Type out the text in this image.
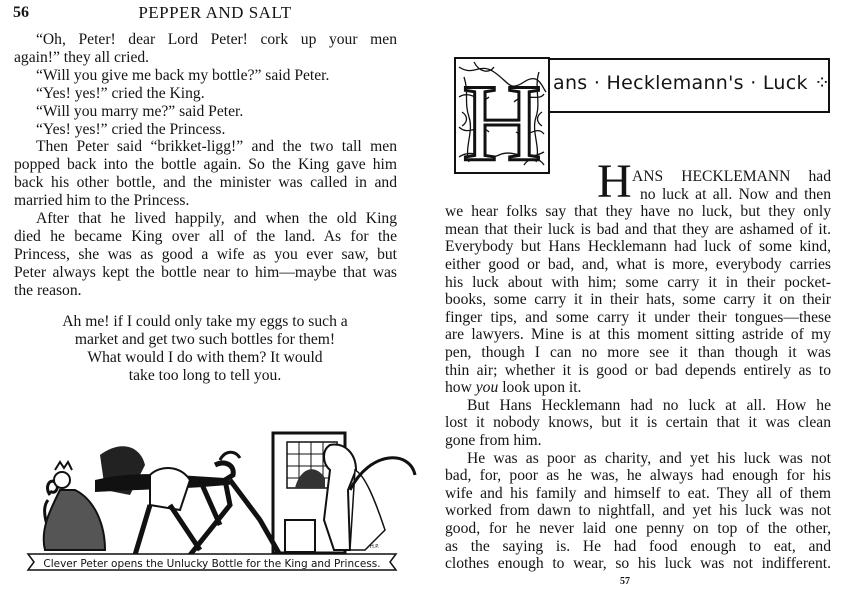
56	PEPPER AND SALT
“Oh, Peter! dear Lord Peter! cork up your men
again!” they all cried.
“Will you give me back my bottle?” said Peter.
“Yes! yes!” cried the King.
“Will you marry me?” said Peter.
“Yes! yes!” cried the Princess.
Then Peter said “brikket-ligg!” and the two tall men
popped back into the bottle again. So the King gave him
back his other bottle, and the minister was called in and
married him to the Princess.
After that he lived happily, and when the old King
died he became King over all of the land. As for the
Princess, she was as good a wife as you ever saw, but
Peter always kept the bottle near to him—maybe that was
the reason.
Ah me! if I could only take my eggs to such a
market and get two such bottles for them!
What would I do with them? It would
take too long to tell you.
Clever Peter opens the Unlucky Bottle for the King and Princess.
H.P.
H ans · Hecklemann's · Luck ⁘
H ANS HECKLEMANN had
no luck at all. Now and then
we hear folks say that they have no luck, but they only
mean that their luck is bad and that they are ashamed of it.
Everybody but Hans Hecklemann had luck of some kind,
either good or bad, and, what is more, everybody carries
his luck about with him; some carry it in their pocket-
books, some carry it in their hats, some carry it on their
finger tips, and some carry it under their tongues—these
are lawyers. Mine is at this moment sitting astride of my
pen, though I can no more see it than though it was
thin air; whether it is good or bad depends entirely as to
how you look upon it.
But Hans Hecklemann had no luck at all. How he
lost it nobody knows, but it is certain that it was clean
gone from him.
He was as poor as charity, and yet his luck was not
bad, for, poor as he was, he always had enough for his
wife and his family and himself to eat. They all of them
worked from dawn to nightfall, and yet his luck was not
good, for he never laid one penny on top of the other,
as the saying is. He had food enough to eat, and
clothes enough to wear, so his luck was not indifferent.
57
